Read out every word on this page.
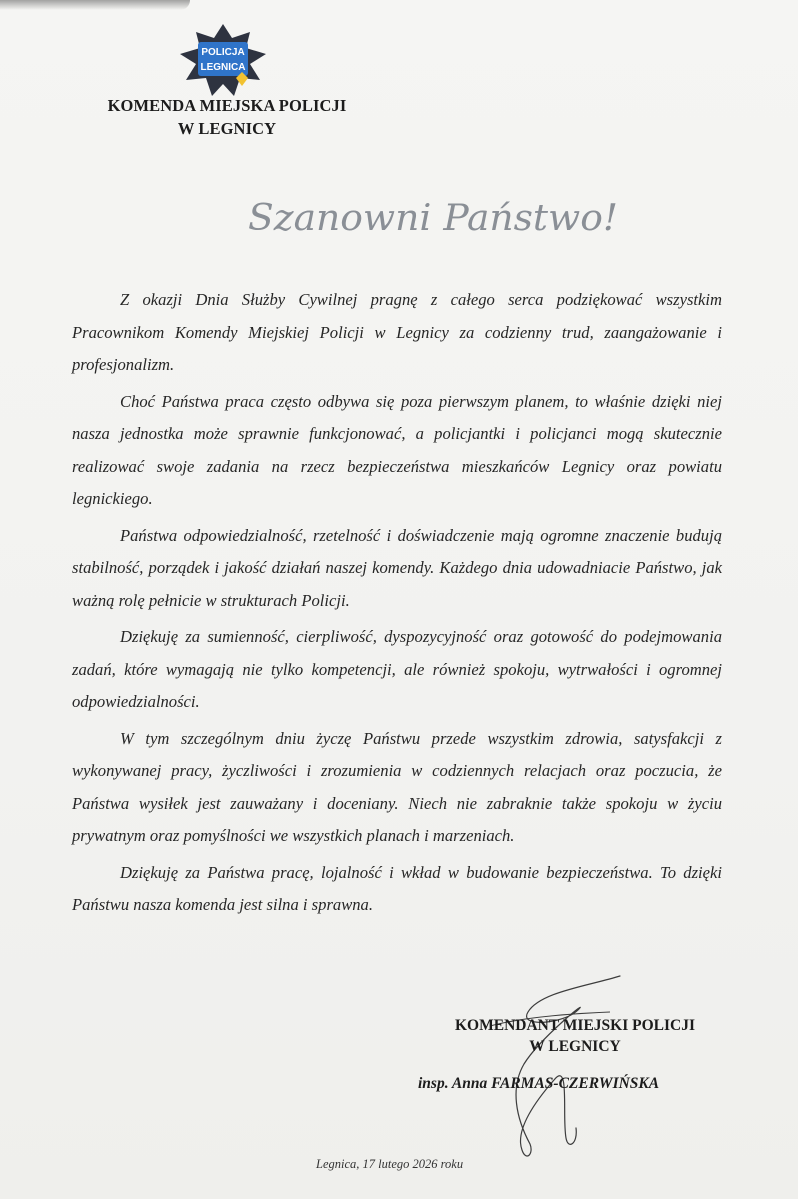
POLICJA
LEGNICA
KOMENDA MIEJSKA POLICJI
W LEGNICY
Szanowni Państwo!

Z okazji Dnia Służby Cywilnej pragnę z całego serca podziękować wszystkim Pracownikom Komendy Miejskiej Policji w Legnicy za codzienny trud, zaangażowanie i profesjonalizm.

Choć Państwa praca często odbywa się poza pierwszym planem, to właśnie dzięki niej nasza jednostka może sprawnie funkcjonować, a policjantki i policjanci mogą skutecznie realizować swoje zadania na rzecz bezpieczeństwa mieszkańców Legnicy oraz powiatu legnickiego.

Państwa odpowiedzialność, rzetelność i doświadczenie mają ogromne znaczenie budują stabilność, porządek i jakość działań naszej komendy. Każdego dnia udowadniacie Państwo, jak ważną rolę pełnicie w strukturach Policji.

Dziękuję za sumienność, cierpliwość, dyspozycyjność oraz gotowość do podejmowania zadań, które wymagają nie tylko kompetencji, ale również spokoju, wytrwałości i ogromnej odpowiedzialności.

W tym szczególnym dniu życzę Państwu przede wszystkim zdrowia, satysfakcji z wykonywanej pracy, życzliwości i zrozumienia w codziennych relacjach oraz poczucia, że Państwa wysiłek jest zauważany i doceniany. Niech nie zabraknie także spokoju w życiu prywatnym oraz pomyślności we wszystkich planach i marzeniach.

Dziękuję za Państwa pracę, lojalność i wkład w budowanie bezpieczeństwa. To dzięki Państwu nasza komenda jest silna i sprawna.

KOMENDANT MIEJSKI POLICJI
W LEGNICY
insp. Anna FARMAS-CZERWIŃSKA
Legnica, 17 lutego 2026 roku
